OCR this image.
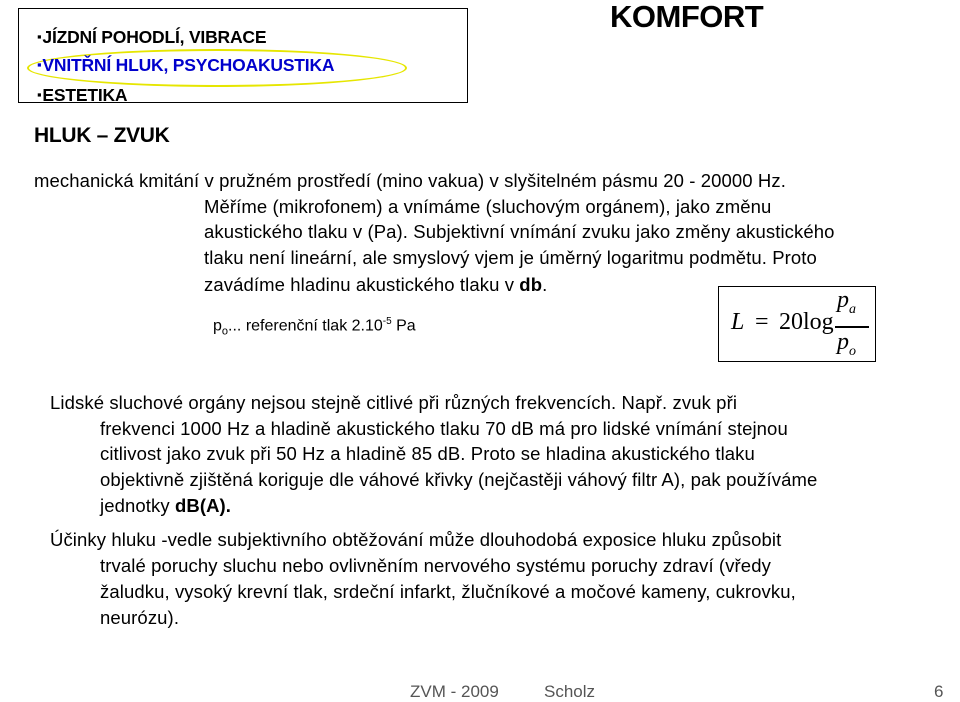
▪JÍZDNÍ POHODLÍ, VIBRACE
▪VNITŘNÍ HLUK, PSYCHOAKUSTIKA
▪ESTETIKA
KOMFORT
HLUK – ZVUK
mechanická kmitání v pružném prostředí (mino vakua) v slyšitelném pásmu 20 - 20000 Hz.
Měříme (mikrofonem) a vnímáme (sluchovým orgánem), jako změnu
akustického tlaku v (Pa). Subjektivní vnímání zvuku jako změny akustického
tlaku není lineární, ale smyslový vjem je úměrný logaritmu podmětu. Proto
zavádíme hladinu akustického tlaku v db.
$p_o$... referenční tlak $2.10^{-5}$ Pa	L = 20log
$p_a$
$p_o$
Lidské sluchové orgány nejsou stejně citlivé při různých frekvencích. Např. zvuk při
frekvenci 1000 Hz a hladině akustického tlaku 70 dB má pro lidské vnímání stejnou
citlivost jako zvuk při 50 Hz a hladině 85 dB. Proto se hladina akustického tlaku
objektivně zjištěná koriguje dle váhové křivky (nejčastěji váhový filtr A), pak používáme
jednotky dB(A).
Účinky hluku -vedle subjektivního obtěžování může dlouhodobá exposice hluku způsobit
trvalé poruchy sluchu nebo ovlivněním nervového systému poruchy zdraví (vředy
žaludku, vysoký krevní tlak, srdeční infarkt, žlučníkové a močové kameny, cukrovku,
neurózu).
ZVM - 2009	Scholz	6
